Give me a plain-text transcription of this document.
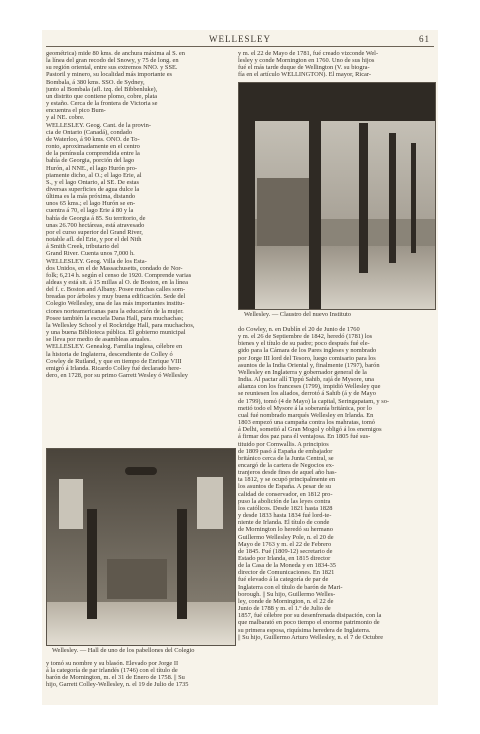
WELLESLEY	61
geométrica) mide 80 kms. de anchura máxima al S. en
la línea del gran recodo del Snowy, y 75 de long. en
su región oriental, entre sus extremos NNO. y SSE.
Pastoril y minero, su localidad más importante es
Bombala, á 380 kms. SSO. de Sydney,
junto al Bombala (afl. izq. del Bibbenluke),
un distrito que contiene plomo, cobre, plata
y estaño. Cerca de la frontera de Victoria se
encuentra el pico Bum-
y al NE. cobre.
WELLESLEY. Geog. Cant. de la provin-
cia de Ontario (Canadá), condado
de Waterloo, á 90 kms. ONO. de To-
ronto, aproximadamente en el centro
de la península comprendida entre la
bahía de Georgia, porción del lago
Hurón, al NNE., el lago Hurón pro-
piamente dicho, al O.; el lago Erie, al
S., y el lago Ontario, al SE. De estas
diversas superficies de agua dulce la
última es la más próxima, distando
unos 65 kms.; el lago Hurón se en-
cuentra á 70, el lago Erie á 80 y la
bahía de Georgia á 85. Su territorio, de
unas 26.700 hectáreas, está atravesado
por el curso superior del Grand River,
notable afl. del Erie, y por el del Nith
á Smith Creek, tributario del
Grand River. Cuenta unos 7,000 h.
WELLESLEY. Geog. Villa de los Esta-
dos Unidos, en el de Massachusetts, condado de Nor-
folk; 6,214 h. según el censo de 1920. Comprende varias
aldeas y está sit. á 15 millas al O. de Boston, en la línea
del f. c. Boston and Albany. Posee muchas calles som-
breadas por árboles y muy buena edificación. Sede del
Colegio Wellesley, una de las más importantes institu-
ciones norteamericanas para la educación de la mujer.
Posee también la escuela Dana Hall, para muchachas;
la Wellesley School y el Rockridge Hall, para muchachos,
y una buena Biblioteca pública. El gobierno municipal
se lleva por medio de asambleas anuales.
WELLESLEY. Genealog. Familia inglesa, célebre en
la historia de Inglaterra, descendiente de Colley ó
Cowley de Rutland, y que en tiempo de Enrique VIII
emigró á Irlanda. Ricardo Colley fué declarado here-
dero, en 1728, por su primo Garrett Wesley ó Wellesley
y m. el 22 de Mayo de 1781, fué creado vizconde Wel-
lesley y conde Mornington en 1760. Uno de sus hijos
fué el más tarde duque de Wellington (V. su biogra-
fía en el artículo WELLINGTON). El mayor, Ricar-
Wellesley. — Claustro del nuevo Instituto
do Cowley, n. en Dublín el 20 de Junio de 1760
y m. el 26 de Septiembre de 1842, heredó (1781) los
bienes y el título de su padre; poco después fué ele-
gido para la Cámara de los Pares ingleses y nombrado
por Jorge III lord del Tesoro, luego comisario para los
asuntos de la India Oriental y, finalmente (1797), barón
Wellesley en Inglaterra y gobernador general de la
India. Al pactar allí Tippú Sahib, rajá de Mysore, una
alianza con los franceses (1799), impidió Wellesley que
se reuniesen los aliados, derrotó á Sahib (á y de Mayo
de 1799), tomó (4 de Mayo) la capital, Seringapatam, y so-
metió todo el Mysore á la soberanía británica, por lo
cual fué nombrado marqués Wellesley en Irlanda. En
1803 empezó una campaña contra los mahratas, tomó
á Delhi, sometió al Gran Mogol y obligó á los enemigos
á firmar dos paz para él ventajosa. En 1805 fué sus-
tituido por Cornwallis. A principios
de 1809 pasó á España de embajador
británico cerca de la Junta Central, se
encargó de la cartera de Negocios ex-
tranjeros desde fines de aquel año has-
ta 1812, y se ocupó principalmente en
los asuntos de España. A pesar de su
calidad de conservador, en 1812 pro-
puso la abolición de las leyes contra
los católicos. Desde 1821 hasta 1828
y desde 1833 hasta 1834 fué lord-te-
niente de Irlanda. El título de conde
de Mornington lo heredó su hermano
Guillermo Wellesley Pole, n. el 20 de
Mayo de 1763 y m. el 22 de Febrero
de 1845. Fué (1809-12) secretario de
Estado por Irlanda, en 1815 director
de la Casa de la Moneda y en 1834-35
director de Comunicaciones. En 1821
fué elevado á la categoría de par de
Inglaterra con el título de barón de Mari-
borough. || Su hijo, Guillermo Welles-
ley, conde de Mornington, n. el 22 de
Junio de 1788 y m. el 1.º de Julio de
1857, fué célebre por su desenfrenada disipación, con la
que malbarató en poco tiempo el enorme patrimonio de
su primera esposa, riquísima heredera de Inglaterra.
|| Su hijo, Guillermo Arturo Wellesley, n. el 7 de Octubre
Wellesley. — Hall de uno de los pabellones del Colegio
y tomó su nombre y su blasón. Elevado por Jorge II
á la categoría de par irlandés (1746) con el título de
barón de Mornington, m. el 31 de Enero de 1758. || Su
hijo, Garrett Colley-Wellesley, n. el 19 de Julio de 1735
